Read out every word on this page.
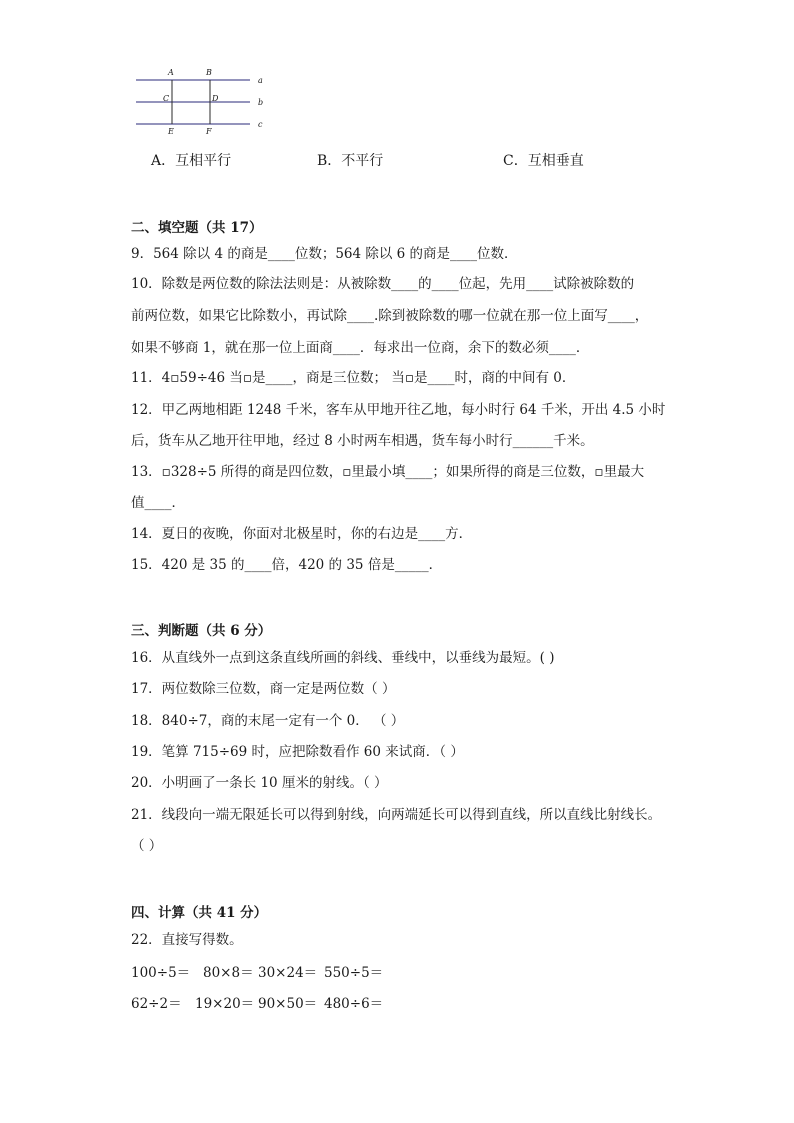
A	B
C	D
E	F
a
b
c
A．互相平行	B．不平行	C．互相垂直
二、填空题（共 17）
9．564 除以 4 的商是____位数；564 除以 6 的商是____位数．
10．除数是两位数的除法法则是：从被除数____的____位起，先用____试除被除数的
前两位数，如果它比除数小，再试除____.除到被除数的哪一位就在那一位上面写____，
如果不够商 1，就在那一位上面商____．每求出一位商，余下的数必须____．
11．4▫59÷46 当▫是____，商是三位数； 当▫是____时，商的中间有 0．
12．甲乙两地相距 1248 千米，客车从甲地开往乙地，每小时行 64 千米，开出 4.5 小时
后，货车从乙地开往甲地，经过 8 小时两车相遇，货车每小时行______千米。
13．▫328÷5 所得的商是四位数，▫里最小填____；如果所得的商是三位数，▫里最大
值____．
14．夏日的夜晚，你面对北极星时，你的右边是____方．
15．420 是 35 的____倍，420 的 35 倍是_____．
三、判断题（共 6 分）
16．从直线外一点到这条直线所画的斜线、垂线中，以垂线为最短。( )
17．两位数除三位数，商一定是两位数（ ）
18．840÷7，商的末尾一定有一个 0． （ ）
19．笔算 715÷69 时，应把除数看作 60 来试商．（ ）
20．小明画了一条长 10 厘米的射线。（ ）
21．线段向一端无限延长可以得到射线，向两端延长可以得到直线，所以直线比射线长。
（ ）
四、计算（共 41 分）
22．直接写得数。
100÷5＝ 80×8＝ 30×24＝ 550÷5＝
62÷2＝ 19×20＝ 90×50＝ 480÷6＝
